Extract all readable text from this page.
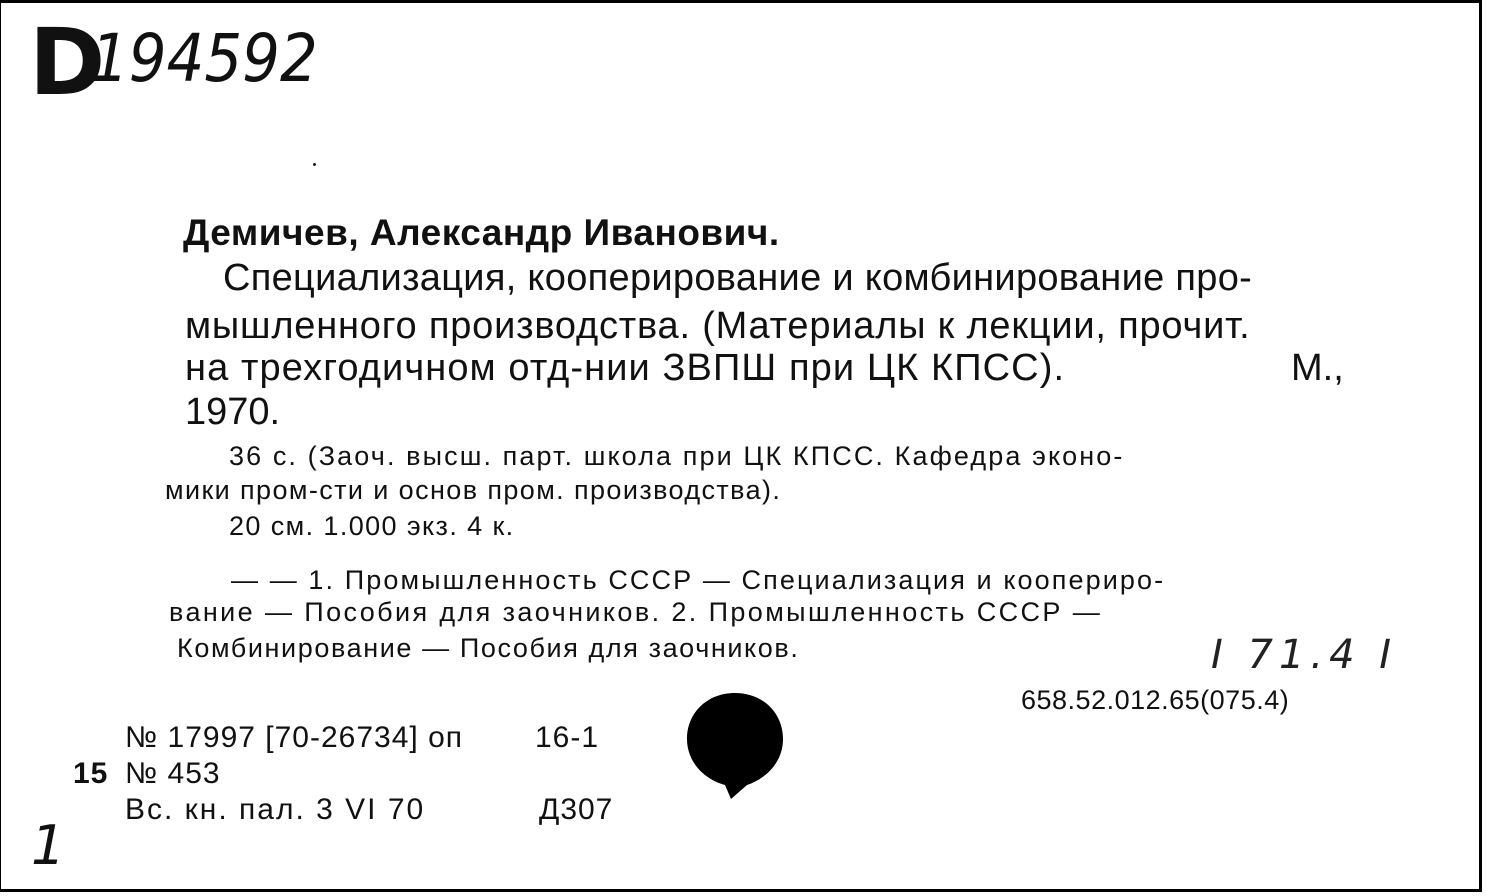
D
194592
Демичев, Александр Иванович.
Специализация, кооперирование и комбинирование про-
мышленного производства. (Материалы к лекции, прочит.
на трехгодичном отд-нии ЗВПШ при ЦК КПСС).	М.,
1970.
36 с. (Заоч. высш. парт. школа при ЦК КПСС. Кафедра эконо-
мики пром-сти и основ пром. производства).
20 см. 1.000 экз. 4 к.
— — 1. Промышленность СССР — Специализация и коопериро-
вание — Пособия для заочников. 2. Промышленность СССР —
Комбинирование — Пособия для заочников.	I 71.4 I
658.52.012.65(075.4)
№ 17997 [70-26734] оп 16-1
15 № 453
Вс. кн. пал. 3 VI 70	Д307
1
